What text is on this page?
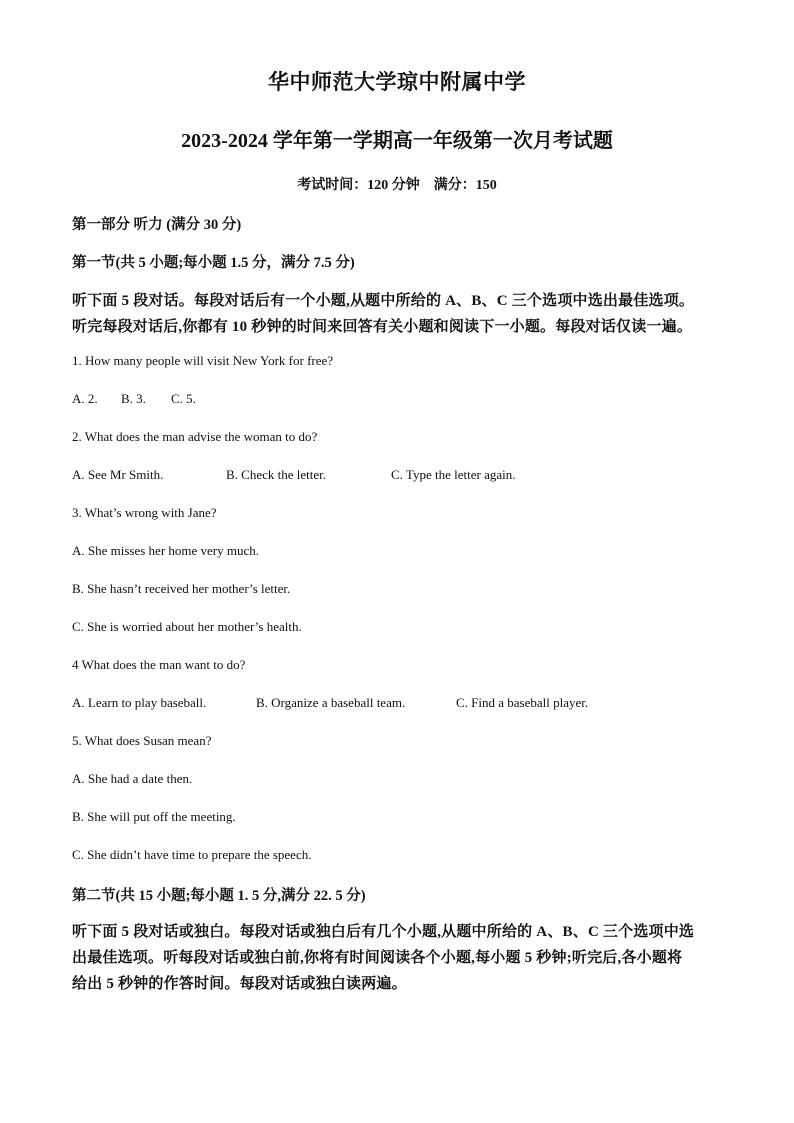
华中师范大学琼中附属中学
2023-2024 学年第一学期高一年级第一次月考试题
考试时间：120 分钟　满分：150
第一部分 听力 (满分 30 分)
第一节(共 5 小题;每小题 1.5 分，满分 7.5 分)
听下面 5 段对话。每段对话后有一个小题,从题中所给的 A、B、C 三个选项中选出最佳选项。
听完每段对话后,你都有 10 秒钟的时间来回答有关小题和阅读下一小题。每段对话仅读一遍。
1. How many people will visit New York for free?
A. 2. B. 3. C. 5.
2. What does the man advise the woman to do?
A. See Mr Smith.	B. Check the letter.	C. Type the letter again.
3. What’s wrong with Jane?
A. She misses her home very much.
B. She hasn’t received her mother’s letter.
C. She is worried about her mother’s health.
4 What does the man want to do?
A. Learn to play baseball.	B. Organize a baseball team.	C. Find a baseball player.
5. What does Susan mean?
A. She had a date then.
B. She will put off the meeting.
C. She didn’t have time to prepare the speech.
第二节(共 15 小题;每小题 1. 5 分,满分 22. 5 分)
听下面 5 段对话或独白。每段对话或独白后有几个小题,从题中所给的 A、B、C 三个选项中选
出最佳选项。听每段对话或独白前,你将有时间阅读各个小题,每小题 5 秒钟;听完后,各小题将
给出 5 秒钟的作答时间。每段对话或独白读两遍。
